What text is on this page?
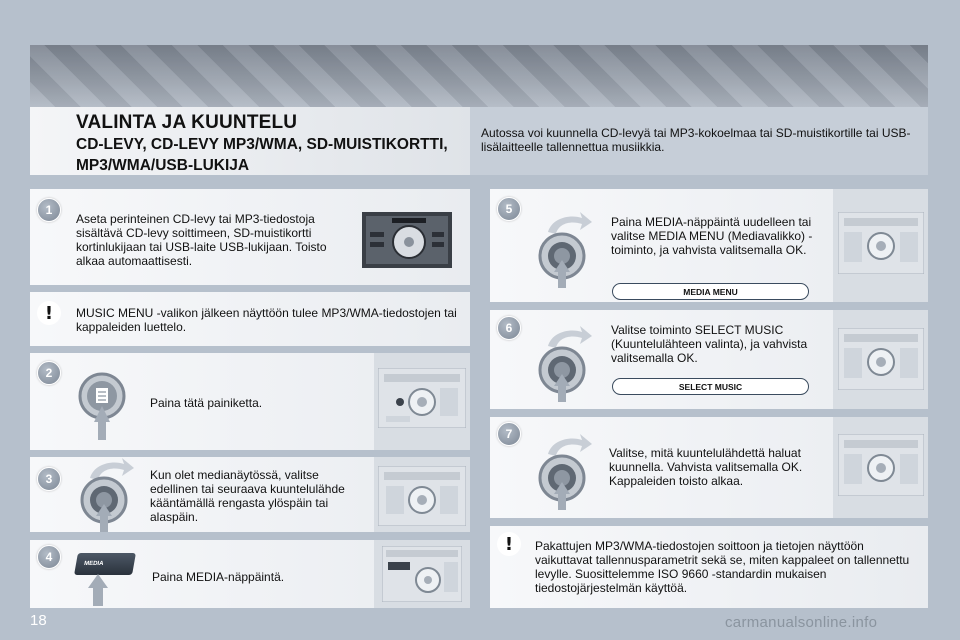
VALINTA JA KUUNTELU
CD-LEVY, CD-LEVY MP3/WMA, SD-MUISTIKORTTI, MP3/WMA/USB-LUKIJA
Autossa voi kuunnella CD-levyä tai MP3-kokoelmaa tai SD-muistikortille tai USB-lisälaitteelle tallennettua musiikkia.
1
Aseta perinteinen CD-levy tai MP3-tiedostoja sisältävä CD-levy soittimeen, SD-muistikortti kortinlukijaan tai USB-laite USB-lukijaan. Toisto alkaa automaattisesti.
!	MUSIC MENU -valikon jälkeen näyttöön tulee MP3/WMA-tiedostojen tai kappaleiden luettelo.
2
Paina tätä painiketta.
3	Kun olet medianäytössä, valitse edellinen tai seuraava kuuntelulähde kääntämällä rengasta ylöspäin tai alaspäin.
4	MEDIA
Paina MEDIA-näppäintä.
5
Paina MEDIA-näppäintä uudelleen tai valitse MEDIA MENU (Mediavalikko) -toiminto, ja vahvista valitsemalla OK.
MEDIA MENU
6	Valitse toiminto SELECT MUSIC (Kuuntelulähteen valinta), ja vahvista valitsemalla OK.
SELECT MUSIC
7
Valitse, mitä kuuntelulähdettä haluat kuunnella. Vahvista valitsemalla OK. Kappaleiden toisto alkaa.
!	Pakattujen MP3/WMA-tiedostojen soittoon ja tietojen näyttöön vaikuttavat tallennusparametrit sekä se, miten kappaleet on tallennettu levylle. Suosittelemme ISO 9660 -standardin mukaisen tiedostojärjestelmän käyttöä.
18	carmanualsonline.info
